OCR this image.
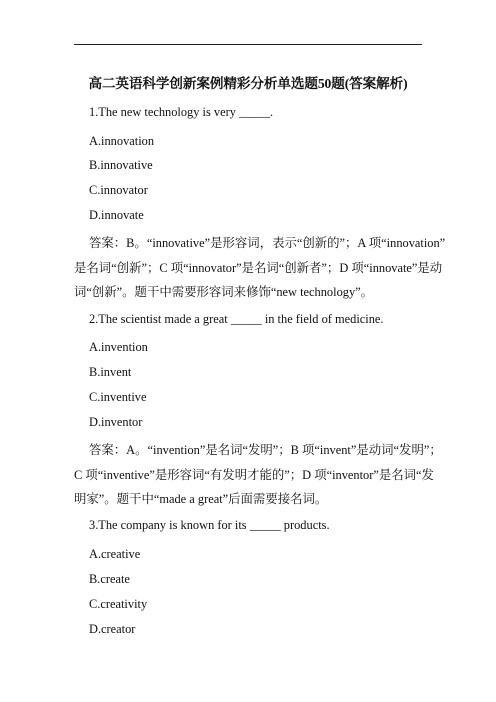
高二英语科学创新案例精彩分析单选题50题(答案解析)
1.The new technology is very _____.
A.innovation
B.innovative
C.innovator
D.innovate
答案：B。“innovative”是形容词，表示“创新的”；A 项“innovation”
是名词“创新”；C 项“innovator”是名词“创新者”；D 项“innovate”是动
词“创新”。题干中需要形容词来修饰“new technology”。
2.The scientist made a great _____ in the field of medicine.
A.invention
B.invent
C.inventive
D.inventor
答案：A。“invention”是名词“发明”；B 项“invent”是动词“发明”；
C 项“inventive”是形容词“有发明才能的”；D 项“inventor”是名词“发
明家”。题干中“made a great”后面需要接名词。
3.The company is known for its _____ products.
A.creative
B.create
C.creativity
D.creator
